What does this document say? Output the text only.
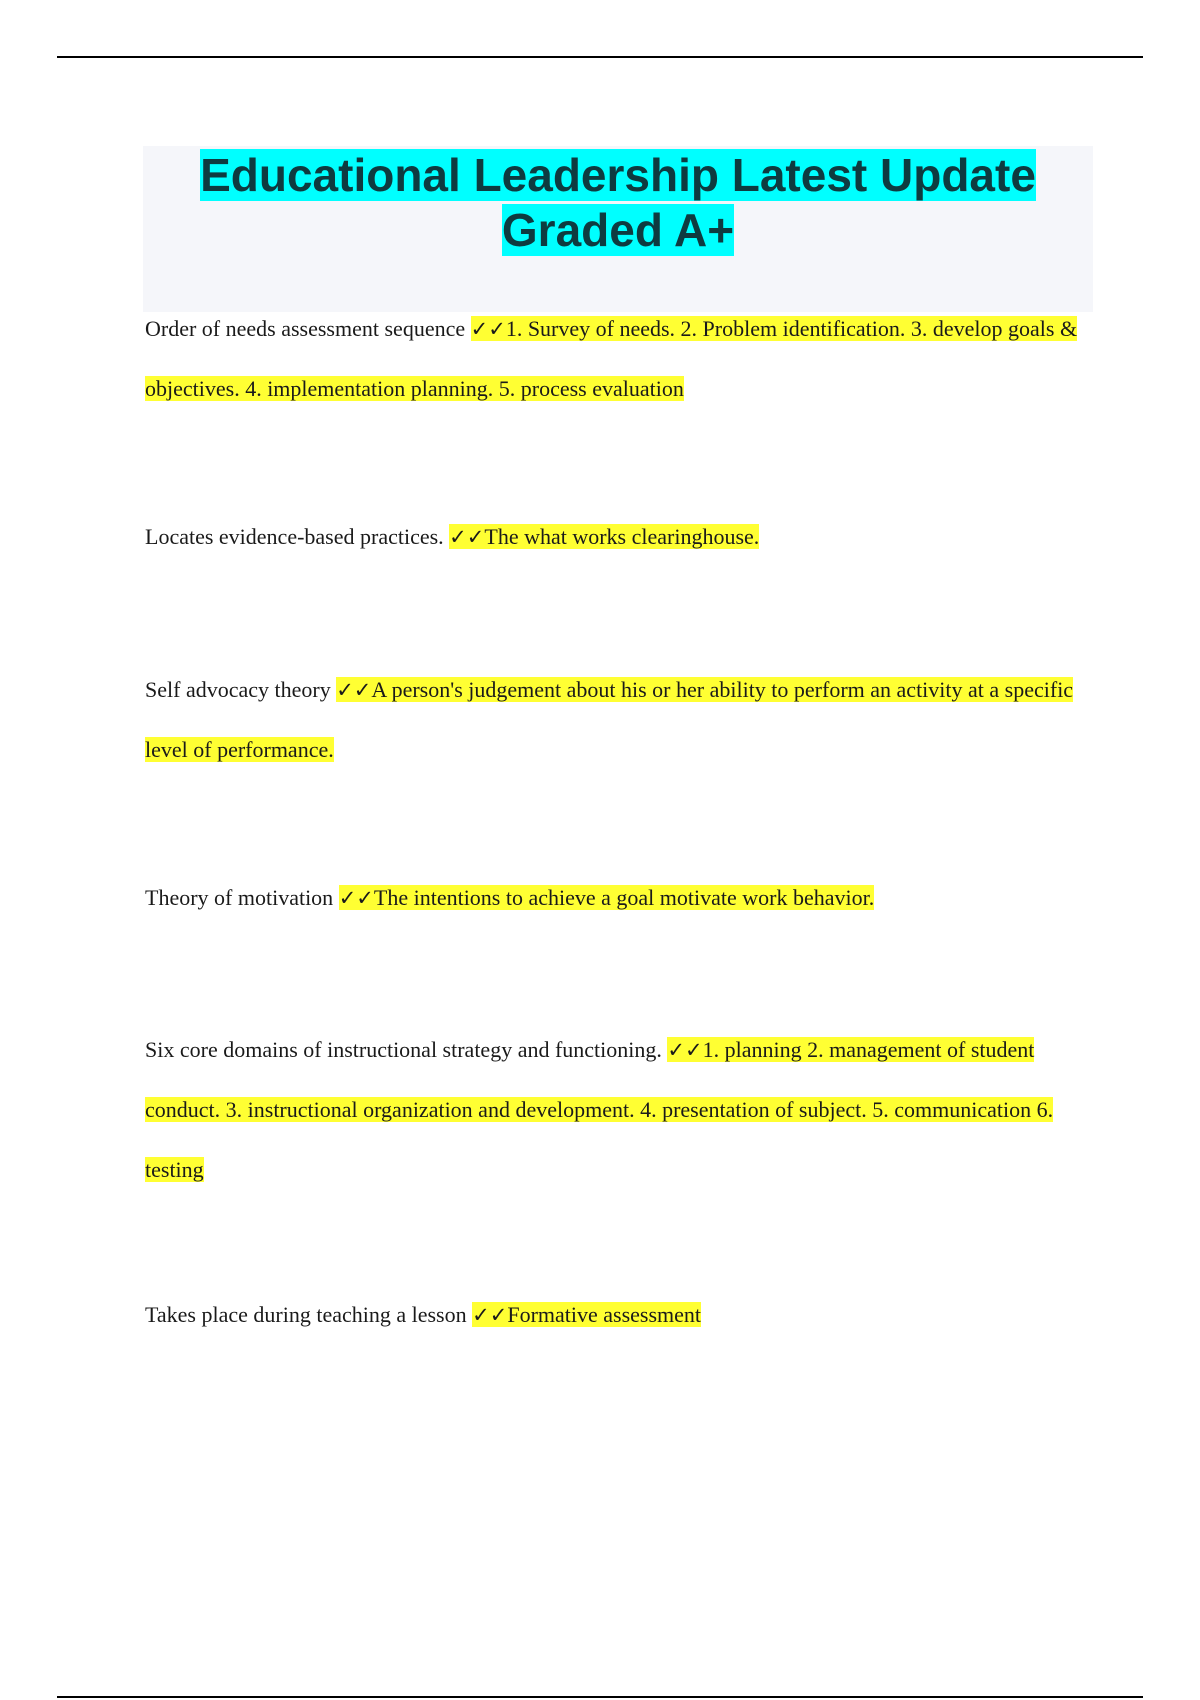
Educational Leadership Latest Update
Graded A+

Order of needs assessment sequence ✓✓1. Survey of needs. 2. Problem identification. 3. develop goals & objectives. 4. implementation planning. 5. process evaluation

Locates evidence-based practices. ✓✓The what works clearinghouse.

Self advocacy theory ✓✓A person's judgement about his or her ability to perform an activity at a specific level of performance.

Theory of motivation ✓✓The intentions to achieve a goal motivate work behavior.

Six core domains of instructional strategy and functioning. ✓✓1. planning 2. management of student conduct. 3. instructional organization and development. 4. presentation of subject. 5. communication 6. testing

Takes place during teaching a lesson ✓✓Formative assessment
